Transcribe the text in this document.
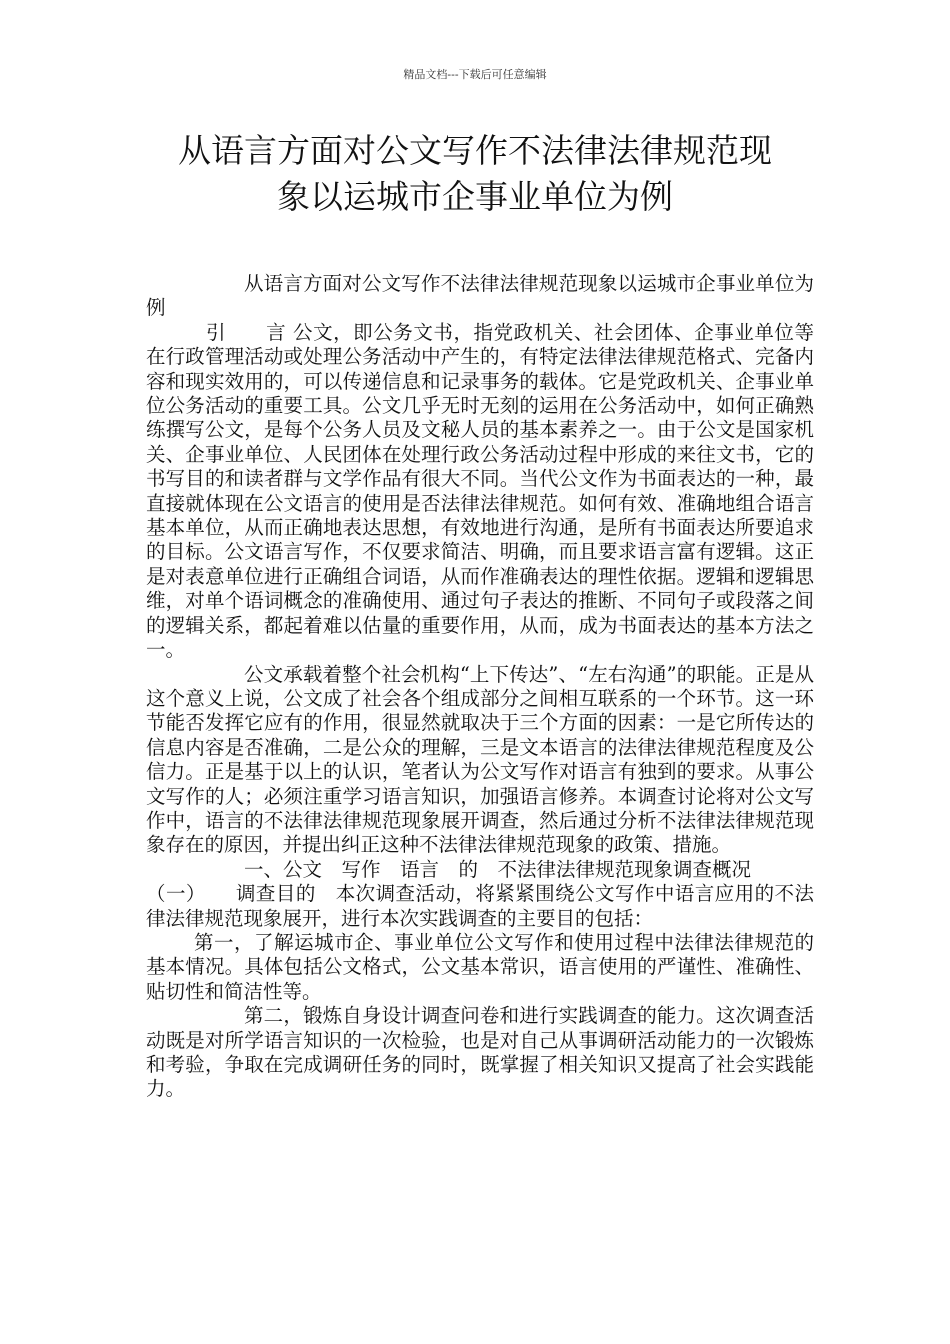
精品文档---下载后可任意编辑
从语言方面对公文写作不法律法律规范现
象以运城市企事业单位为例

从语言方面对公文写作不法律法律规范现象以运城市企事业单位为例

引　　言 公文，即公务文书，指党政机关、社会团体、企事业单位等在行政管理活动或处理公务活动中产生的，有特定法律法律规范格式、完备内容和现实效用的，可以传递信息和记录事务的载体。它是党政机关、企事业单位公务活动的重要工具。公文几乎无时无刻的运用在公务活动中，如何正确熟练撰写公文，是每个公务人员及文秘人员的基本素养之一。由于公文是国家机关、企事业单位、人民团体在处理行政公务活动过程中形成的来往文书，它的书写目的和读者群与文学作品有很大不同。当代公文作为书面表达的一种，最直接就体现在公文语言的使用是否法律法律规范。如何有效、准确地组合语言基本单位，从而正确地表达思想，有效地进行沟通，是所有书面表达所要追求的目标。公文语言写作，不仅要求简洁、明确，而且要求语言富有逻辑。这正是对表意单位进行正确组合词语，从而作准确表达的理性依据。逻辑和逻辑思维，对单个语词概念的准确使用、通过句子表达的推断、不同句子或段落之间的逻辑关系，都起着难以估量的重要作用，从而，成为书面表达的基本方法之一。

公文承载着整个社会机构“上下传达”、“左右沟通”的职能。正是从这个意义上说，公文成了社会各个组成部分之间相互联系的一个环节。这一环节能否发挥它应有的作用，很显然就取决于三个方面的因素：一是它所传达的信息内容是否准确，二是公众的理解，三是文本语言的法律法律规范程度及公信力。正是基于以上的认识，笔者认为公文写作对语言有独到的要求。从事公文写作的人；必须注重学习语言知识，加强语言修养。本调查讨论将对公文写作中，语言的不法律法律规范现象展开调查，然后通过分析不法律法律规范现象存在的原因，并提出纠正这种不法律法律规范现象的政策、措施。

一、公文　写作　语言　的　不法律法律规范现象调查概况

（一）　　调查目的　本次调查活动，将紧紧围绕公文写作中语言应用的不法律法律规范现象展开，进行本次实践调查的主要目的包括：

第一，了解运城市企、事业单位公文写作和使用过程中法律法律规范的基本情况。具体包括公文格式，公文基本常识，语言使用的严谨性、准确性、贴切性和简洁性等。

第二，锻炼自身设计调查问卷和进行实践调查的能力。这次调查活动既是对所学语言知识的一次检验，也是对自己从事调研活动能力的一次锻炼和考验，争取在完成调研任务的同时，既掌握了相关知识又提高了社会实践能力。
